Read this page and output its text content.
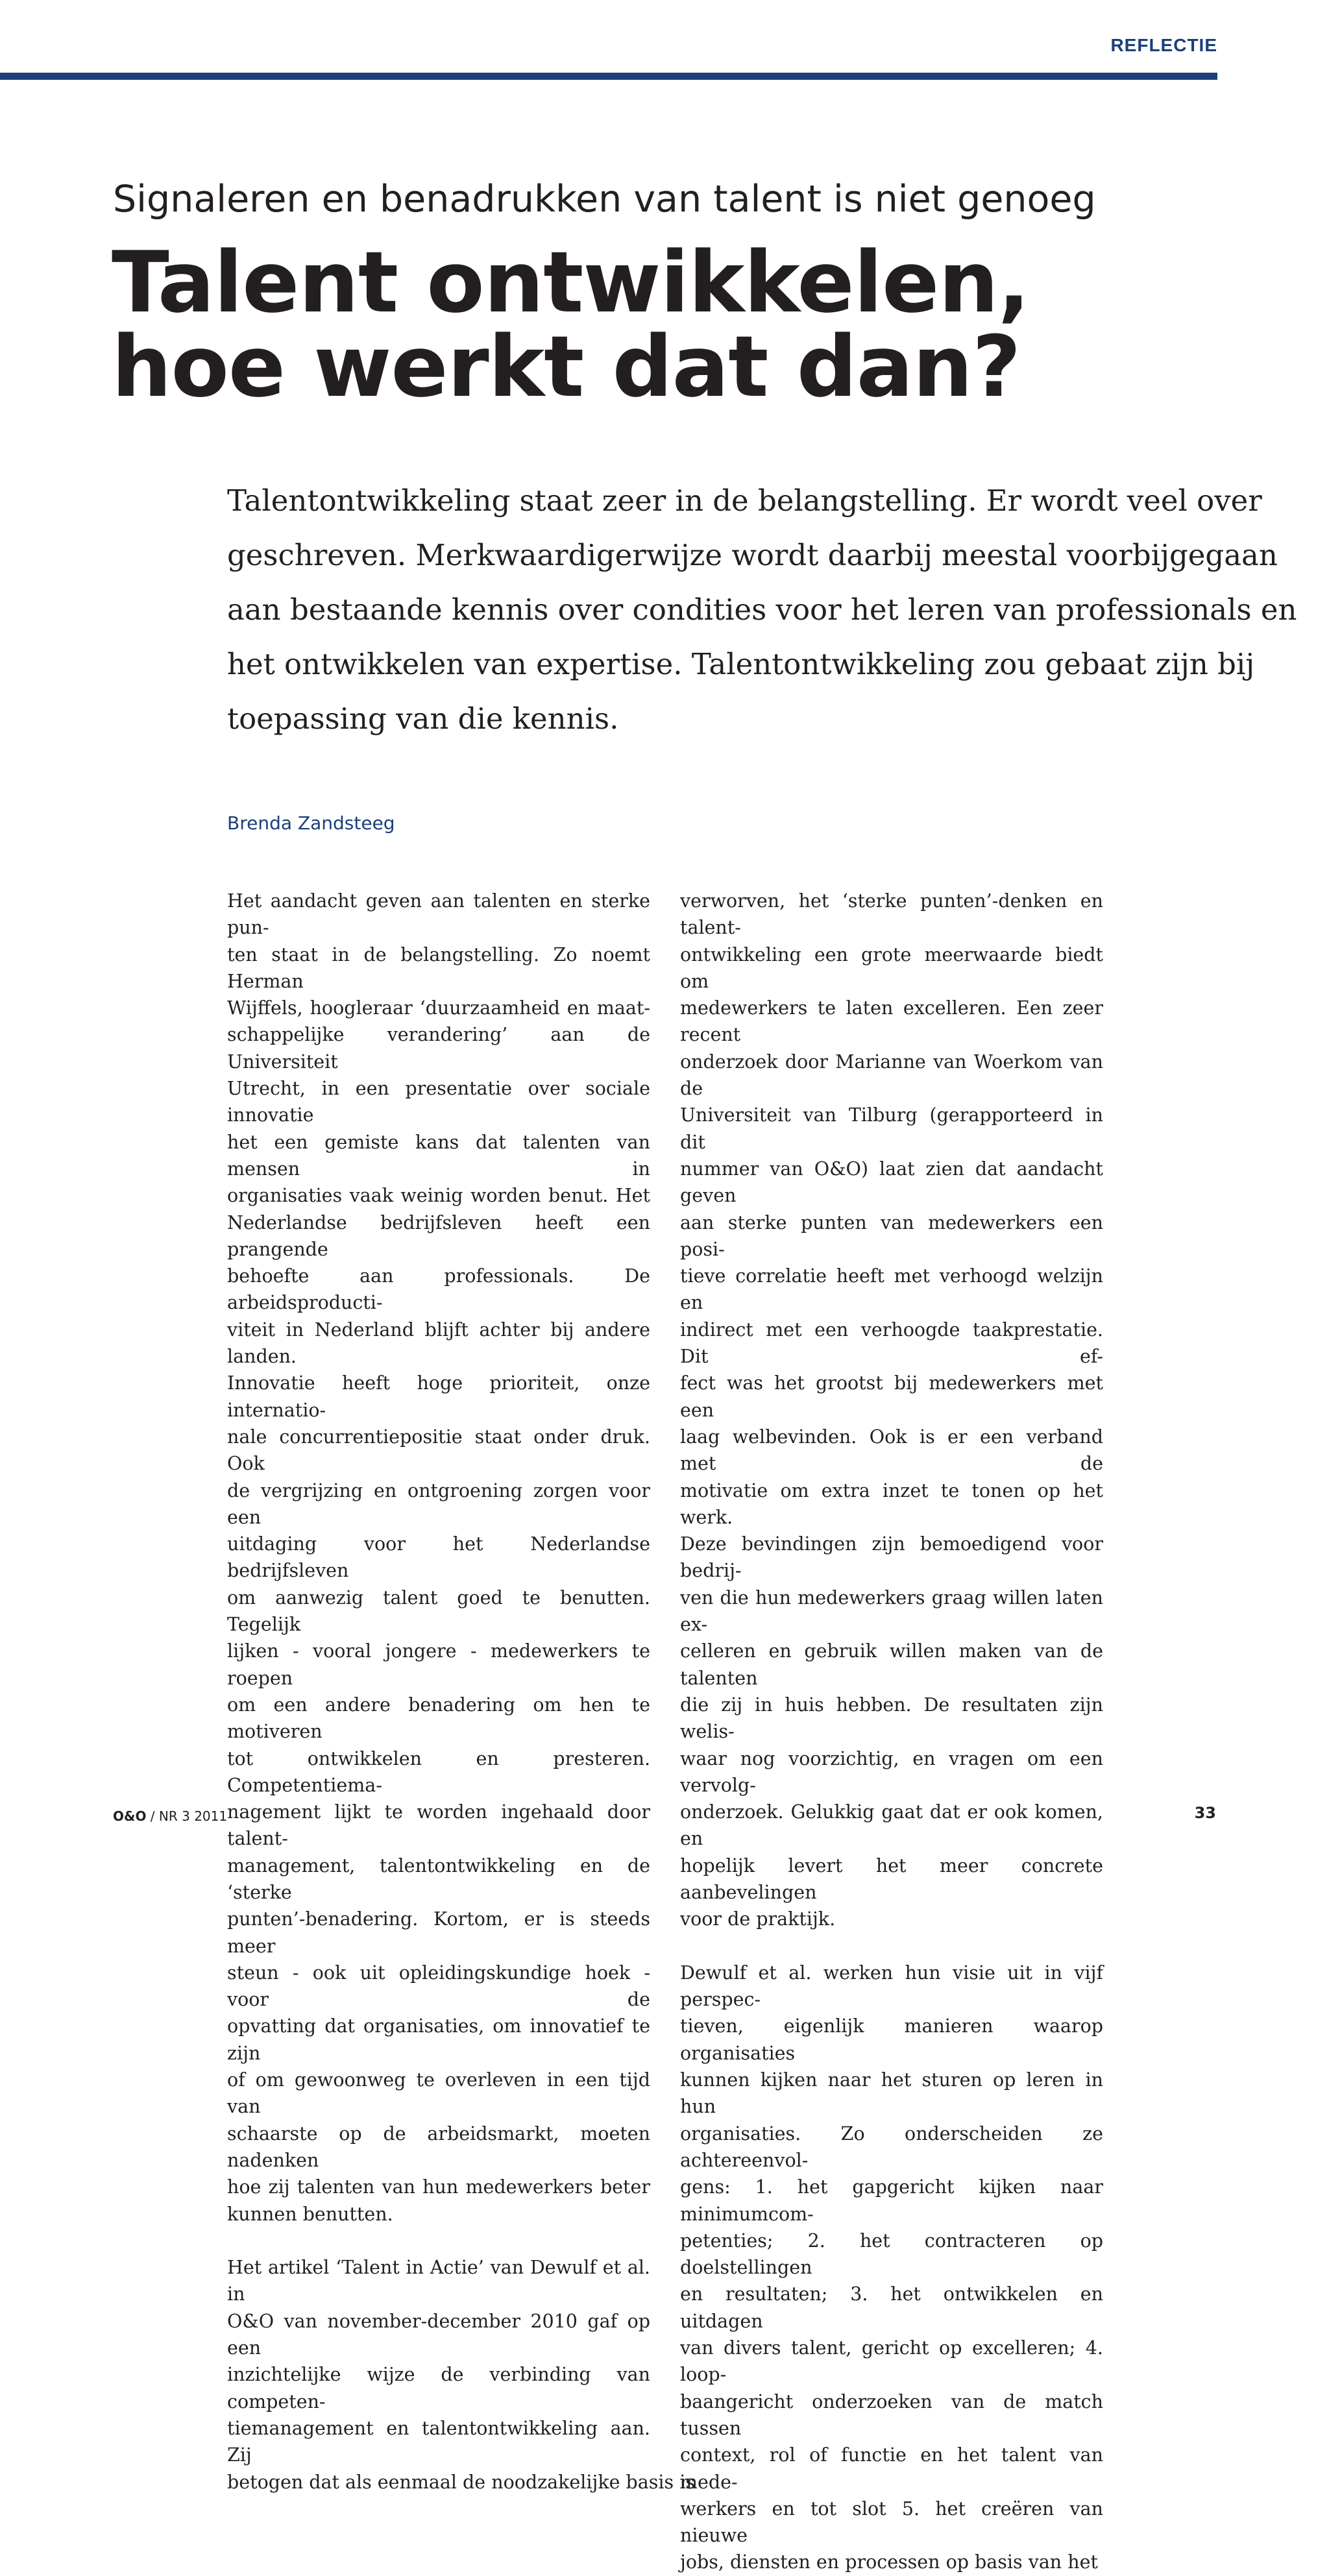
REFLECTIE
Signaleren en benadrukken van talent is niet genoeg
Talent ontwikkelen,
hoe werkt dat dan?
Talentontwikkeling staat zeer in de belangstelling. Er wordt veel over
geschreven. Merkwaardigerwijze wordt daarbij meestal voorbijgegaan
aan bestaande kennis over condities voor het leren van professionals en
het ontwikkelen van expertise. Talentontwikkeling zou gebaat zijn bij
toepassing van die kennis.
Brenda Zandsteeg

Het aandacht geven aan talenten en sterke pun-
ten staat in de belangstelling. Zo noemt Herman
Wijffels, hoogleraar ‘duurzaamheid en maat-
schappelijke verandering’ aan de Universiteit
Utrecht, in een presentatie over sociale innovatie
het een gemiste kans dat talenten van mensen in
organisaties vaak weinig worden benut. Het
Nederlandse bedrijfsleven heeft een prangende
behoefte aan professionals. De arbeidsproducti-
viteit in Nederland blijft achter bij andere landen.
Innovatie heeft hoge prioriteit, onze internatio-
nale concurrentiepositie staat onder druk. Ook
de vergrijzing en ontgroening zorgen voor een
uitdaging voor het Nederlandse bedrijfsleven
om aanwezig talent goed te benutten. Tegelijk
lijken - vooral jongere - medewerkers te roepen
om een andere benadering om hen te motiveren
tot ontwikkelen en presteren. Competentiema-
nagement lijkt te worden ingehaald door talent-
management, talentontwikkeling en de ‘sterke
punten’-benadering. Kortom, er is steeds meer
steun - ook uit opleidingskundige hoek - voor de
opvatting dat organisaties, om innovatief te zijn
of om gewoonweg te overleven in een tijd van
schaarste op de arbeidsmarkt, moeten nadenken
hoe zij talenten van hun medewerkers beter
kunnen benutten.

Het artikel ‘Talent in Actie’ van Dewulf et al. in
O&O van november-december 2010 gaf op een
inzichtelijke wijze de verbinding van competen-
tiemanagement en talentontwikkeling aan. Zij
betogen dat als eenmaal de noodzakelijke basis is

verworven, het ‘sterke punten’-denken en talent-
ontwikkeling een grote meerwaarde biedt om
medewerkers te laten excelleren. Een zeer recent
onderzoek door Marianne van Woerkom van de
Universiteit van Tilburg (gerapporteerd in dit
nummer van O&O) laat zien dat aandacht geven
aan sterke punten van medewerkers een posi-
tieve correlatie heeft met verhoogd welzijn en
indirect met een verhoogde taakprestatie. Dit ef-
fect was het grootst bij medewerkers met een
laag welbevinden. Ook is er een verband met de
motivatie om extra inzet te tonen op het werk.
Deze bevindingen zijn bemoedigend voor bedrij-
ven die hun medewerkers graag willen laten ex-
celleren en gebruik willen maken van de talenten
die zij in huis hebben. De resultaten zijn welis-
waar nog voorzichtig, en vragen om een vervolg-
onderzoek. Gelukkig gaat dat er ook komen, en
hopelijk levert het meer concrete aanbevelingen
voor de praktijk.

Dewulf et al. werken hun visie uit in vijf perspec-
tieven, eigenlijk manieren waarop organisaties
kunnen kijken naar het sturen op leren in hun
organisaties. Zo onderscheiden ze achtereenvol-
gens: 1. het gapgericht kijken naar minimumcom-
petenties; 2. het contracteren op doelstellingen
en resultaten; 3. het ontwikkelen en uitdagen
van divers talent, gericht op excelleren; 4. loop-
baangericht onderzoeken van de match tussen
context, rol of functie en het talent van mede-
werkers en tot slot 5. het creëren van nieuwe
jobs, diensten en processen op basis van het

O&O / NR 3 2011	33
